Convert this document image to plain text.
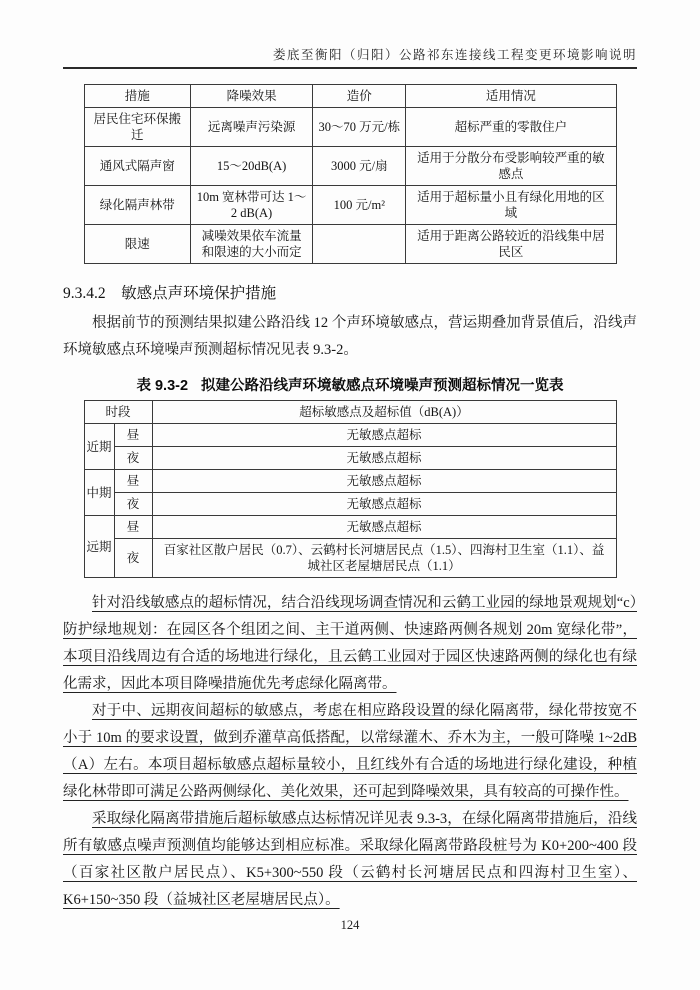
娄底至衡阳（归阳）公路祁东连接线工程变更环境影响说明
措施	降噪效果	造价	适用情况
居民住宅环保搬迁	远离噪声污染源	30～70 万元/栋	超标严重的零散住户
通风式隔声窗	15～20dB(A)	3000 元/扇	适用于分散分布受影响较严重的敏感点
绿化隔声林带	10m 宽林带可达 1～2 dB(A)	100 元/m²	适用于超标量小且有绿化用地的区域
限速	减噪效果依车流量和限速的大小而定		适用于距离公路较近的沿线集中居民区
9.3.4.2　敏感点声环境保护措施

根据前节的预测结果拟建公路沿线 12 个声环境敏感点，营运期叠加背景值后，沿线声环境敏感点环境噪声预测超标情况见表 9.3-2。

表 9.3-2 拟建公路沿线声环境敏感点环境噪声预测超标情况一览表
时段		超标敏感点及超标值（dB(A)）
近期	昼	无敏感点超标
	夜	无敏感点超标
中期	昼	无敏感点超标
	夜	无敏感点超标
远期	昼	无敏感点超标
	夜	百家社区散户居民（0.7）、云鹤村长河塘居民点（1.5）、四海村卫生室（1.1）、益城社区老屋塘居民点（1.1）

针对沿线敏感点的超标情况，结合沿线现场调查情况和云鹤工业园的绿地景观规划“c）防护绿地规划：在园区各个组团之间、主干道两侧、快速路两侧各规划 20m 宽绿化带”，本项目沿线周边有合适的场地进行绿化，且云鹤工业园对于园区快速路两侧的绿化也有绿化需求，因此本项目降噪措施优先考虑绿化隔离带。

对于中、远期夜间超标的敏感点，考虑在相应路段设置的绿化隔离带，绿化带按宽不小于 10m 的要求设置，做到乔灌草高低搭配，以常绿灌木、乔木为主，一般可降噪 1~2dB（A）左右。本项目超标敏感点超标量较小，且红线外有合适的场地进行绿化建设，种植绿化林带即可满足公路两侧绿化、美化效果，还可起到降噪效果，具有较高的可操作性。

采取绿化隔离带措施后超标敏感点达标情况详见表 9.3-3，在绿化隔离带措施后，沿线所有敏感点噪声预测值均能够达到相应标准。采取绿化隔离带路段桩号为 K0+200~400 段（百家社区散户居民点）、K5+300~550 段（云鹤村长河塘居民点和四海村卫生室）、K6+150~350 段（益城社区老屋塘居民点）。

124
